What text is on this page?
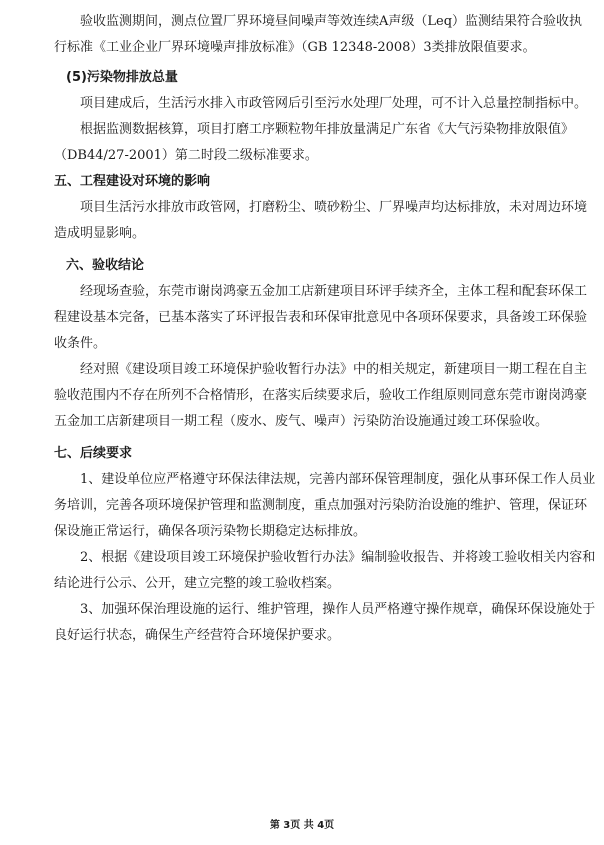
验收监测期间，测点位置厂界环境昼间噪声等效连续A声级（Leq）监测结果符合验收执
行标准《工业企业厂界环境噪声排放标准》（GB 12348-2008）3类排放限值要求。
(5)污染物排放总量
项目建成后，生活污水排入市政管网后引至污水处理厂处理，可不计入总量控制指标中。
根据监测数据核算，项目打磨工序颗粒物年排放量满足广东省《大气污染物排放限值》
（DB44/27-2001）第二时段二级标准要求。
五、工程建设对环境的影响
项目生活污水排放市政管网，打磨粉尘、喷砂粉尘、厂界噪声均达标排放，未对周边环境
造成明显影响。
六、验收结论
经现场查验，东莞市谢岗鸿豪五金加工店新建项目环评手续齐全，主体工程和配套环保工
程建设基本完备，已基本落实了环评报告表和环保审批意见中各项环保要求，具备竣工环保验
收条件。
经对照《建设项目竣工环境保护验收暂行办法》中的相关规定，新建项目一期工程在自主
验收范围内不存在所列不合格情形，在落实后续要求后，验收工作组原则同意东莞市谢岗鸿豪
五金加工店新建项目一期工程（废水、废气、噪声）污染防治设施通过竣工环保验收。
七、后续要求
1、建设单位应严格遵守环保法律法规，完善内部环保管理制度，强化从事环保工作人员业
务培训，完善各项环境保护管理和监测制度，重点加强对污染防治设施的维护、管理，保证环
保设施正常运行，确保各项污染物长期稳定达标排放。
2、根据《建设项目竣工环境保护验收暂行办法》编制验收报告、并将竣工验收相关内容和
结论进行公示、公开，建立完整的竣工验收档案。
3、加强环保治理设施的运行、维护管理，操作人员严格遵守操作规章，确保环保设施处于
良好运行状态，确保生产经营符合环境保护要求。
第 3页 共 4页
